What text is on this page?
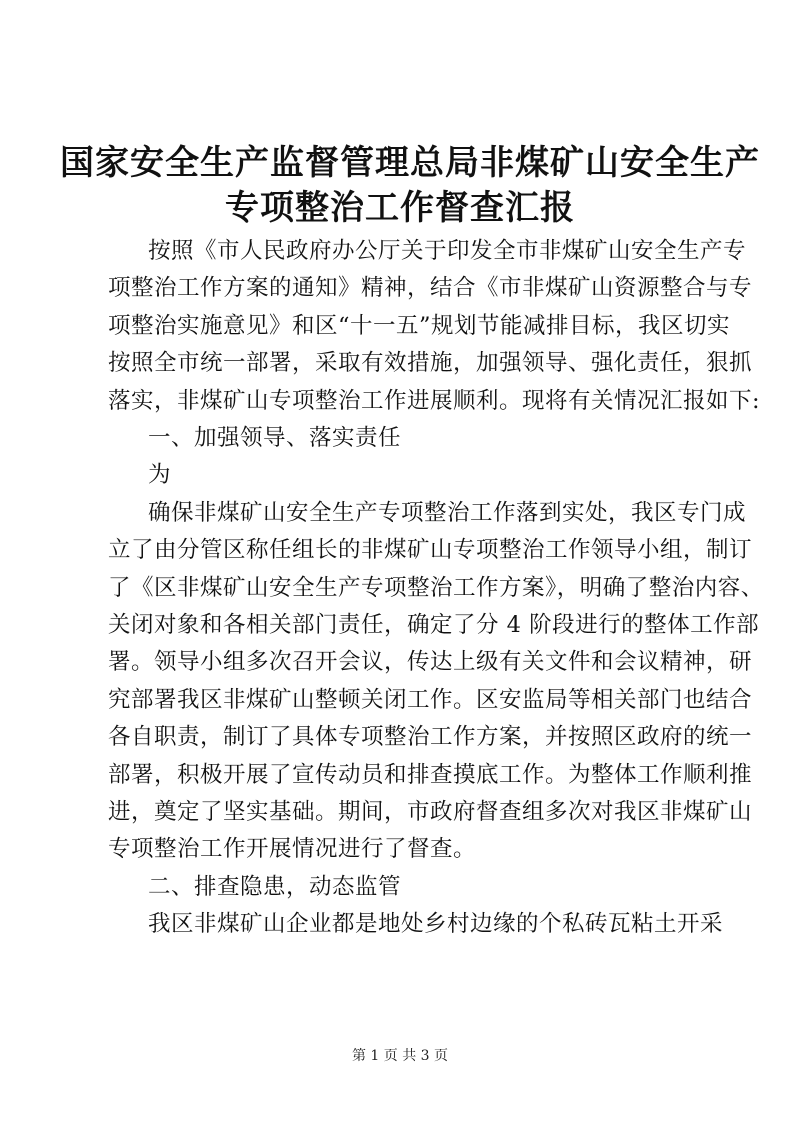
国家安全生产监督管理总局非煤矿山安全生产
专项整治工作督查汇报
按照《市人民政府办公厅关于印发全市非煤矿山安全生产专
项整治工作方案的通知》精神，结合《市非煤矿山资源整合与专
项整治实施意见》和区“十一五”规划节能减排目标，我区切实
按照全市统一部署，采取有效措施，加强领导、强化责任，狠抓
落实，非煤矿山专项整治工作进展顺利。现将有关情况汇报如下:
一、加强领导、落实责任
为
确保非煤矿山安全生产专项整治工作落到实处，我区专门成
立了由分管区称任组长的非煤矿山专项整治工作领导小组，制订
了《区非煤矿山安全生产专项整治工作方案》，明确了整治内容、
关闭对象和各相关部门责任，确定了分 4 阶段进行的整体工作部
署。领导小组多次召开会议，传达上级有关文件和会议精神，研
究部署我区非煤矿山整顿关闭工作。区安监局等相关部门也结合
各自职责，制订了具体专项整治工作方案，并按照区政府的统一
部署，积极开展了宣传动员和排查摸底工作。为整体工作顺利推
进，奠定了坚实基础。期间，市政府督查组多次对我区非煤矿山
专项整治工作开展情况进行了督查。
二、排查隐患，动态监管
我区非煤矿山企业都是地处乡村边缘的个私砖瓦粘土开采
第 1 页 共 3 页
